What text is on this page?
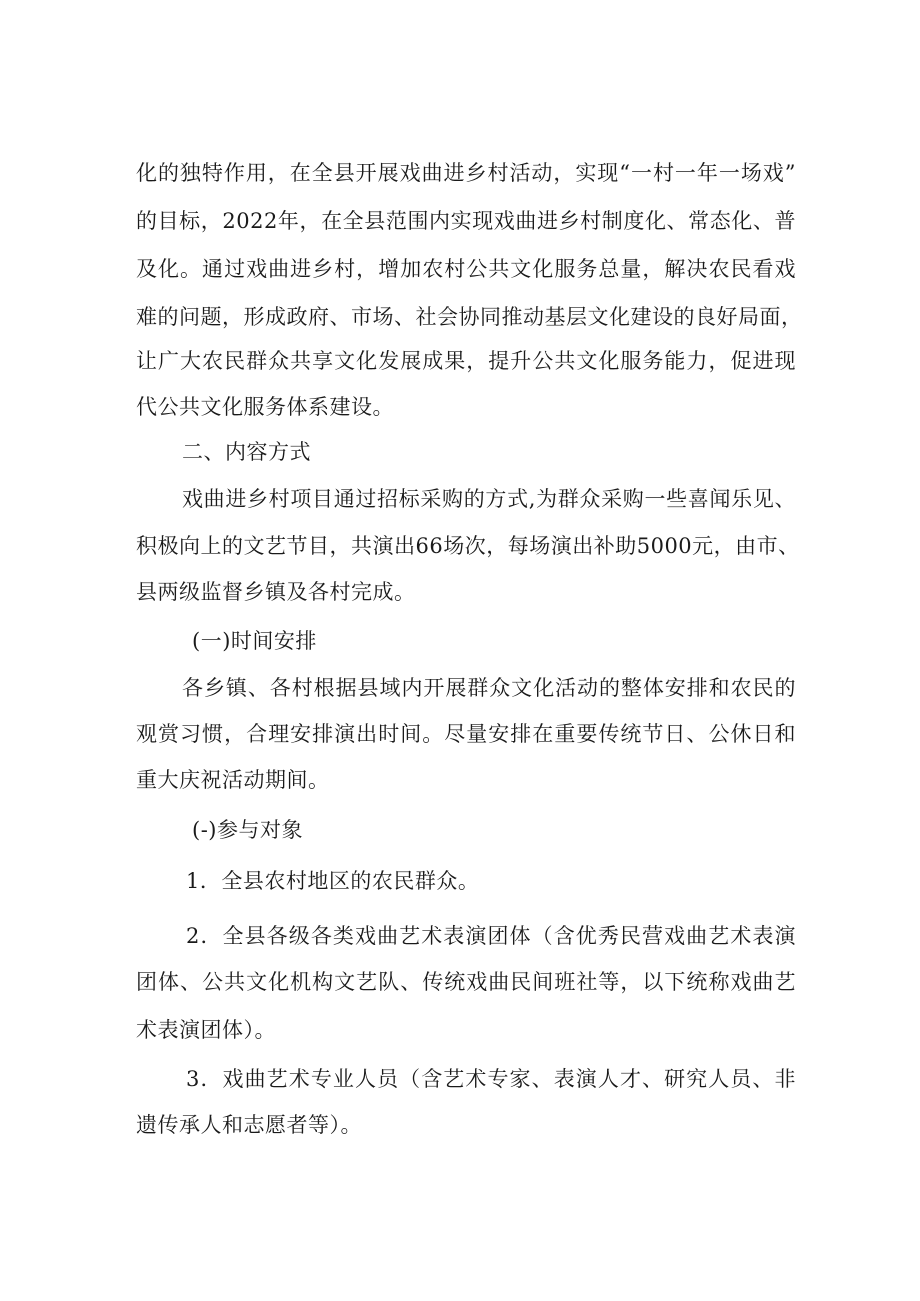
化的独特作用，在全县开展戏曲进乡村活动，实现“一村一年一场戏”
的目标，2022年，在全县范围内实现戏曲进乡村制度化、常态化、普
及化。通过戏曲进乡村，增加农村公共文化服务总量，解决农民看戏
难的问题，形成政府、市场、社会协同推动基层文化建设的良好局面，
让广大农民群众共享文化发展成果，提升公共文化服务能力，促进现
代公共文化服务体系建设。
二、内容方式
戏曲进乡村项目通过招标采购的方式,为群众采购一些喜闻乐见、
积极向上的文艺节目，共演出66场次，每场演出补助5000元，由市、
县两级监督乡镇及各村完成。
(一)时间安排
各乡镇、各村根据县域内开展群众文化活动的整体安排和农民的
观赏习惯，合理安排演出时间。尽量安排在重要传统节日、公休日和
重大庆祝活动期间。
(-)参与对象
1．全县农村地区的农民群众。
2．全县各级各类戏曲艺术表演团体（含优秀民营戏曲艺术表演
团体、公共文化机构文艺队、传统戏曲民间班社等，以下统称戏曲艺
术表演团体）。
3．戏曲艺术专业人员（含艺术专家、表演人才、研究人员、非
遗传承人和志愿者等）。
